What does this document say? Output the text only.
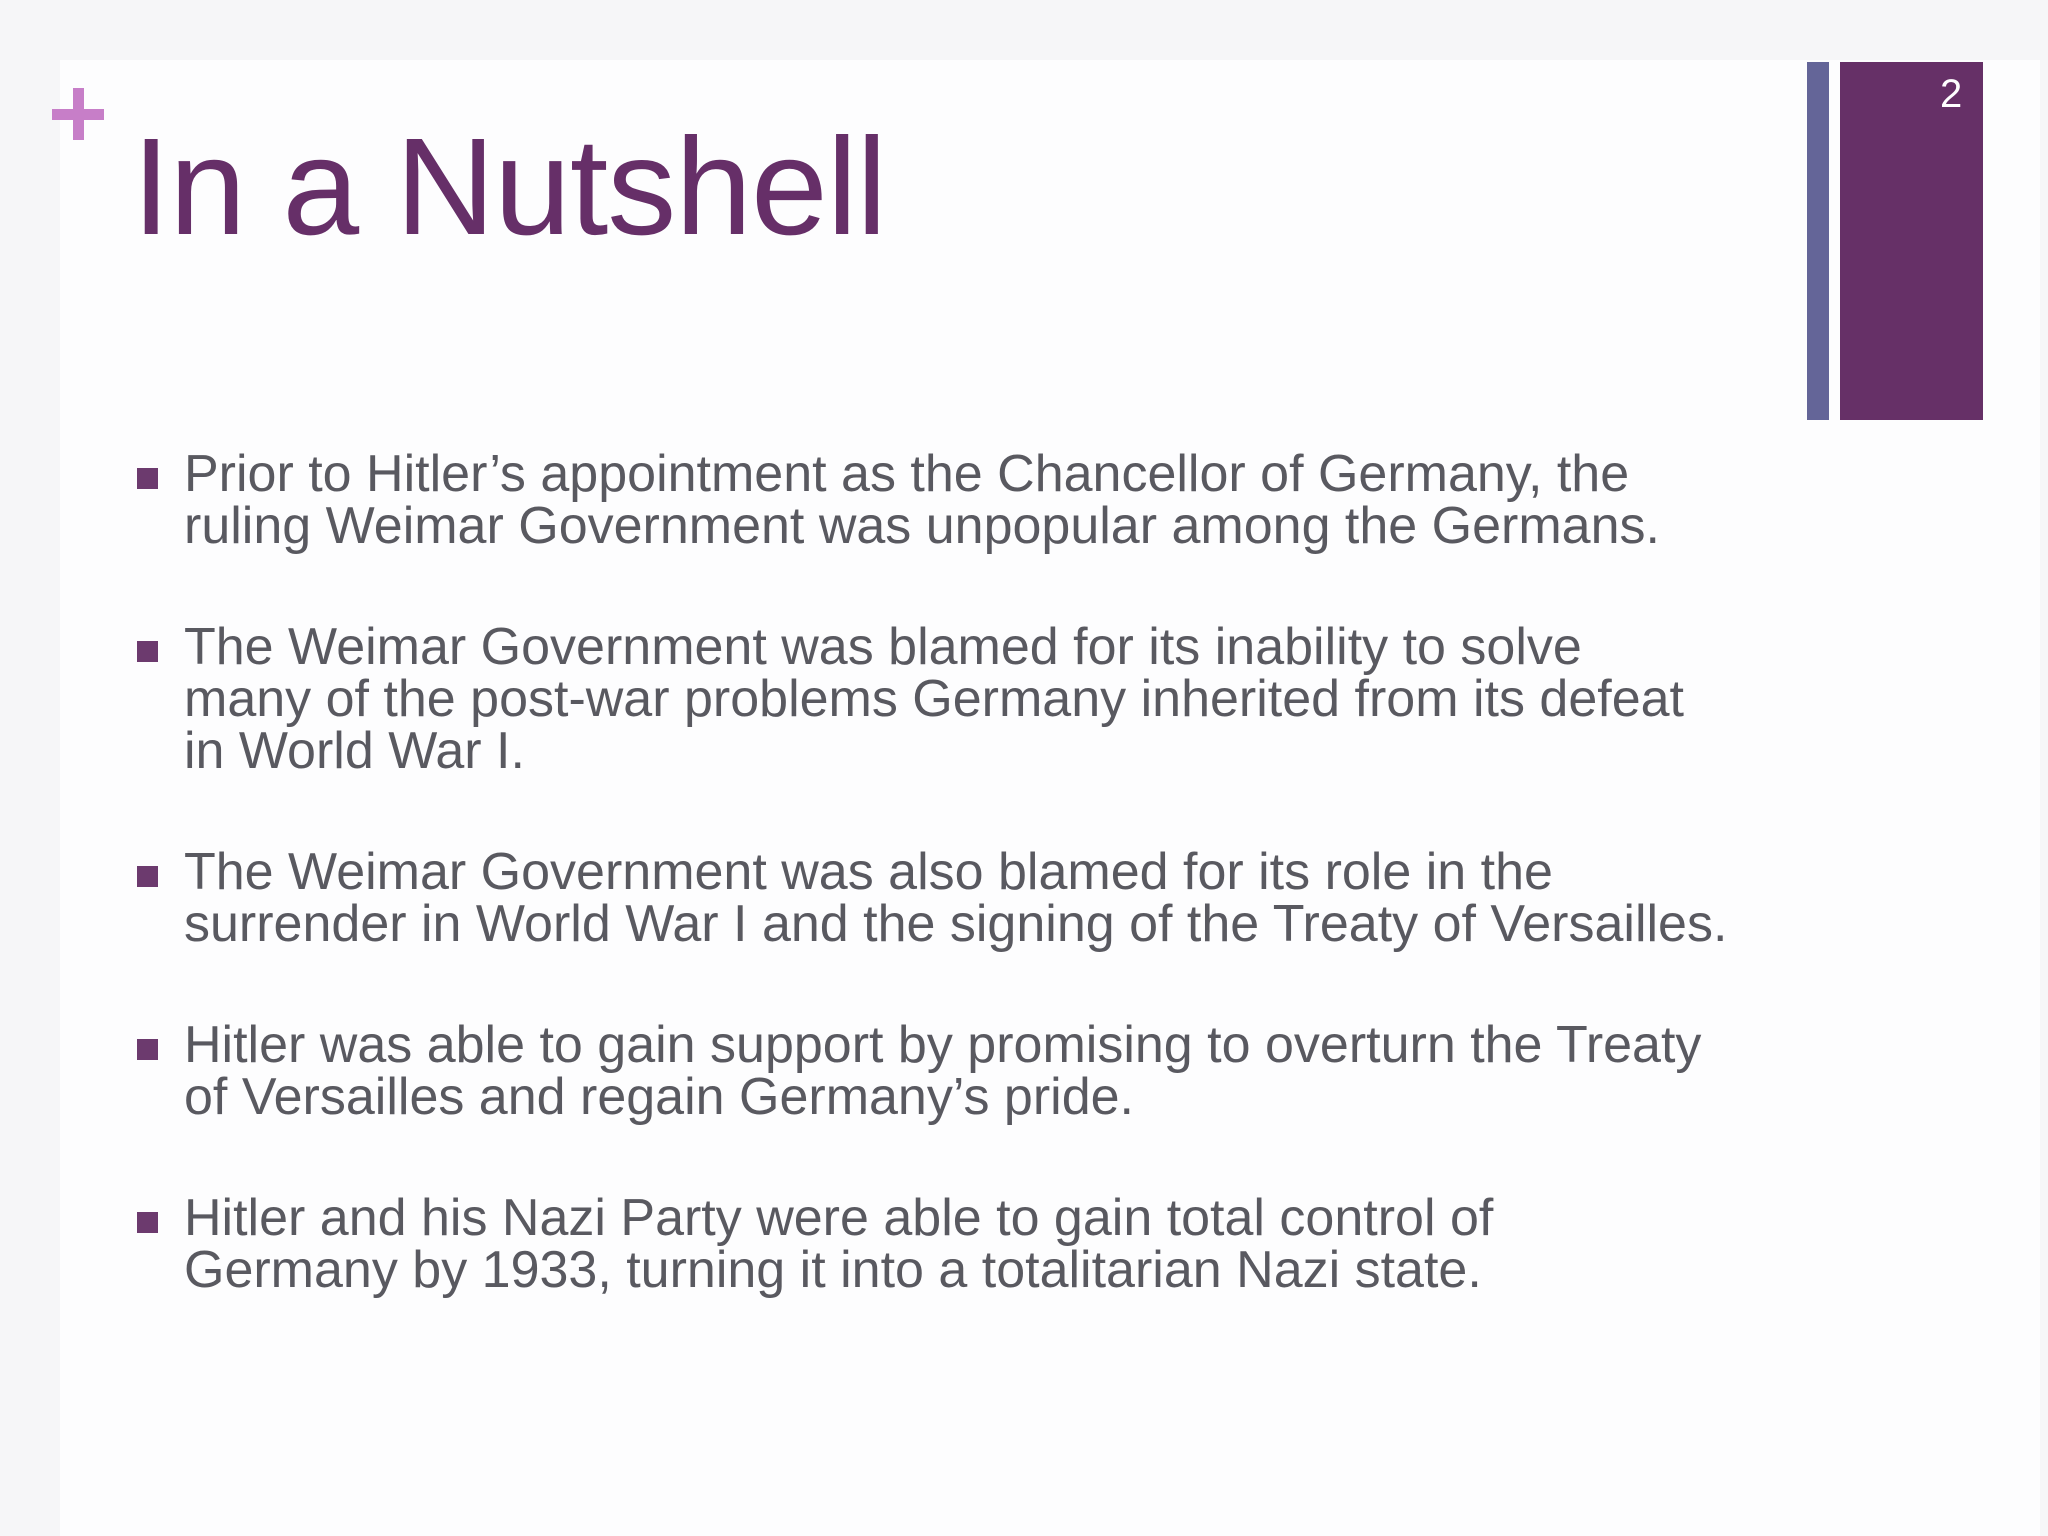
In a Nutshell
2
Prior to Hitler’s appointment as the Chancellor of Germany, the
ruling Weimar Government was unpopular among the Germans.
The Weimar Government was blamed for its inability to solve
many of the post-war problems Germany inherited from its defeat
in World War I.
The Weimar Government was also blamed for its role in the
surrender in World War I and the signing of the Treaty of Versailles.
Hitler was able to gain support by promising to overturn the Treaty
of Versailles and regain Germany’s pride.
Hitler and his Nazi Party were able to gain total control of
Germany by 1933, turning it into a totalitarian Nazi state.
